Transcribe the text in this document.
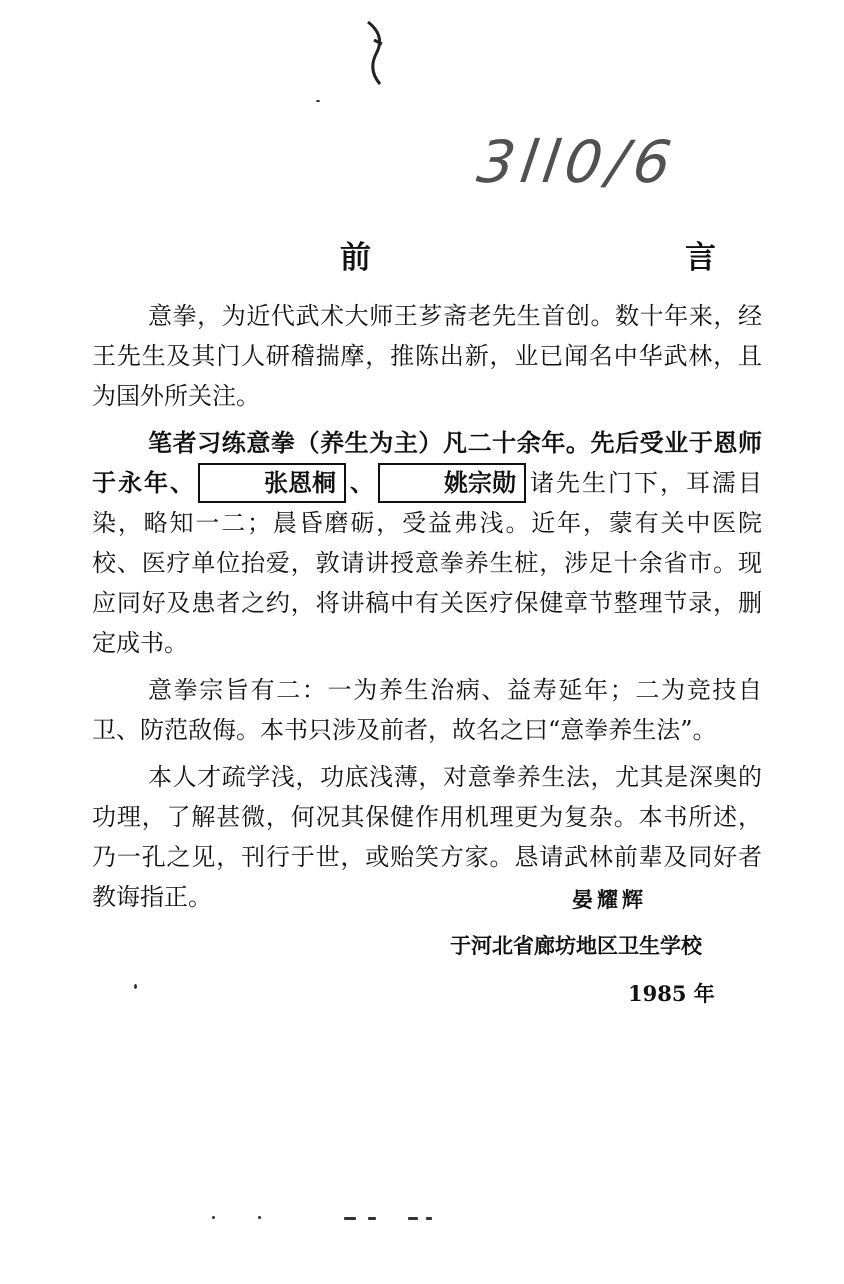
3ll0/6
前　　言

意拳，为近代武术大师王芗斋老先生首创。数十年来，经王先生及其门人研稽揣摩，推陈出新，业已闻名中华武林，且为国外所关注。

笔者习练意拳（养生为主）凡二十余年。先后受业于恩师于永年、	张恩桐 、	姚宗勋 诸先生门下，耳濡目染，略知一二；晨昏磨砺，受益弗浅。近年，蒙有关中医院校、医疗单位抬爱，敦请讲授意拳养生桩，涉足十余省市。现应同好及患者之约，将讲稿中有关医疗保健章节整理节录，删定成书。

意拳宗旨有二：一为养生治病、益寿延年；二为竞技自卫、防范敌侮。本书只涉及前者，故名之曰“意拳养生法”。

本人才疏学浅，功底浅薄，对意拳养生法，尤其是深奥的功理，了解甚微，何况其保健作用机理更为复杂。本书所述，乃一孔之见，刊行于世，或贻笑方家。恳请武林前辈及同好者教诲指正。	晏耀辉
于河北省廊坊地区卫生学校
1985 年
